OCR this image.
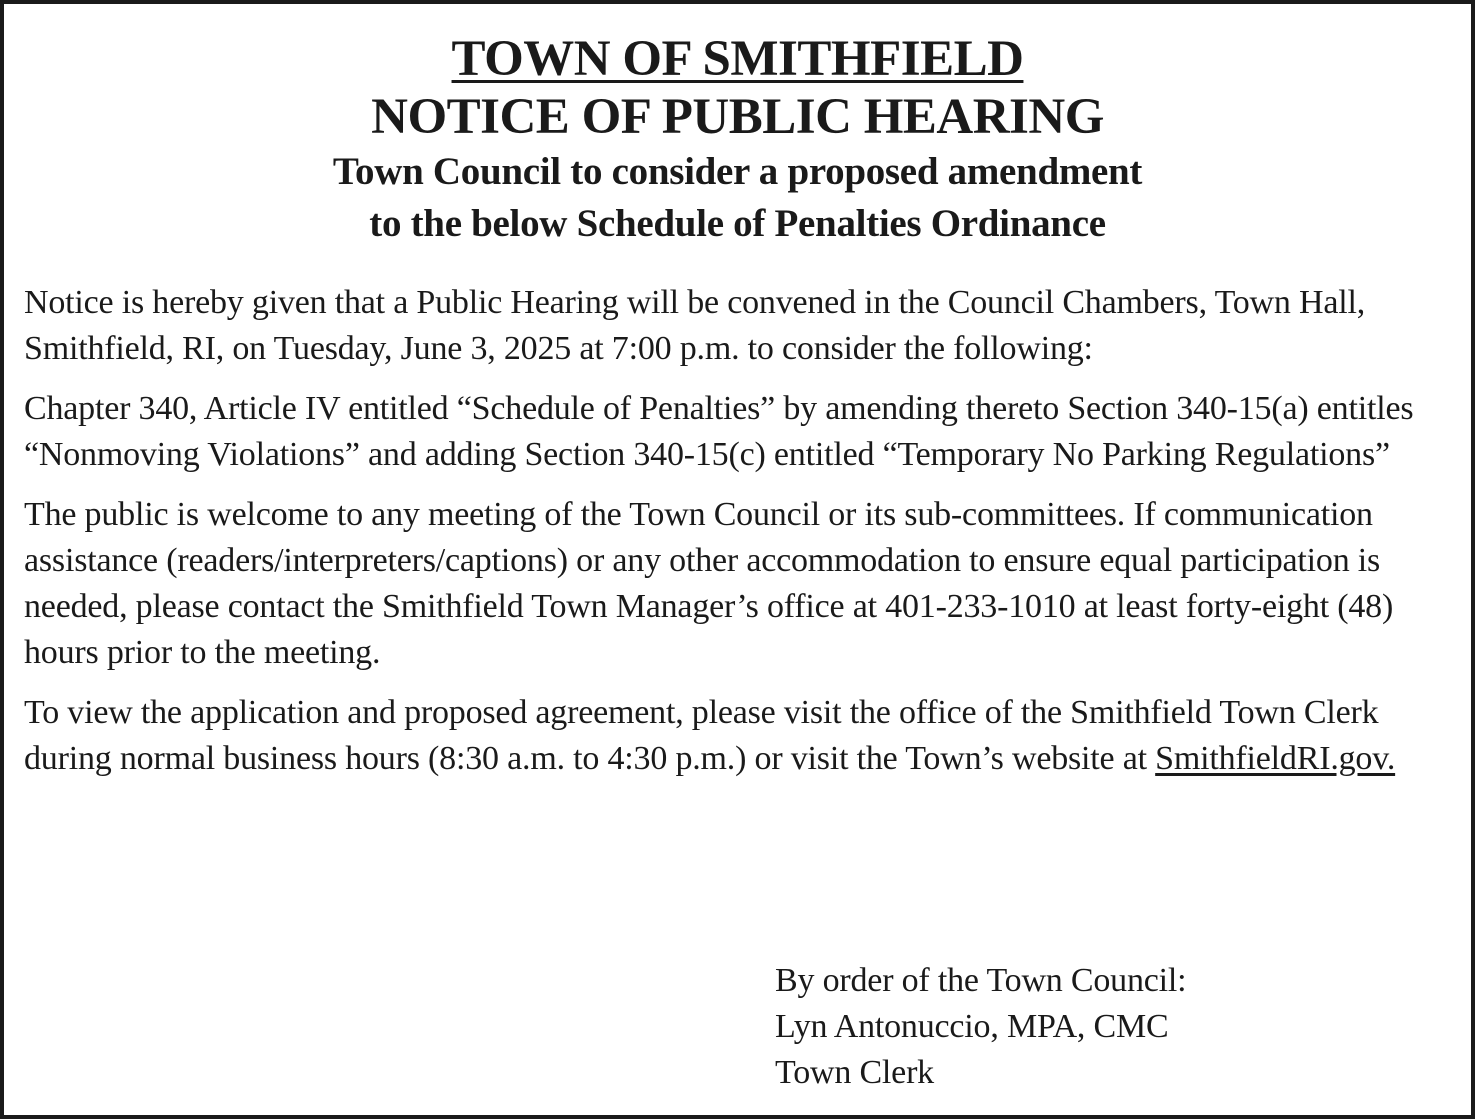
TOWN OF SMITHFIELD
NOTICE OF PUBLIC HEARING
Town Council to consider a proposed amendment
to the below Schedule of Penalties Ordinance

Notice is hereby given that a Public Hearing will be convened in the Council Chambers, Town Hall, Smithfield, RI, on Tuesday, June 3, 2025 at 7:00 p.m. to consider the following:

Chapter 340, Article IV entitled “Schedule of Penalties” by amending thereto Section 340-15(a) entitles “Nonmoving Violations” and adding Section 340-15(c) entitled “Temporary No Parking Regulations”

The public is welcome to any meeting of the Town Council or its sub-committees. If communication assistance (readers/interpreters/captions) or any other accommodation to ensure equal participation is needed, please contact the Smithfield Town Manager’s office at 401-233-1010 at least forty-eight (48) hours prior to the meeting.

To view the application and proposed agreement, please visit the office of the Smithfield Town Clerk during normal business hours (8:30 a.m. to 4:30 p.m.) or visit the Town’s website at SmithfieldRI.gov.

By order of the Town Council:
Lyn Antonuccio, MPA, CMC
Town Clerk
